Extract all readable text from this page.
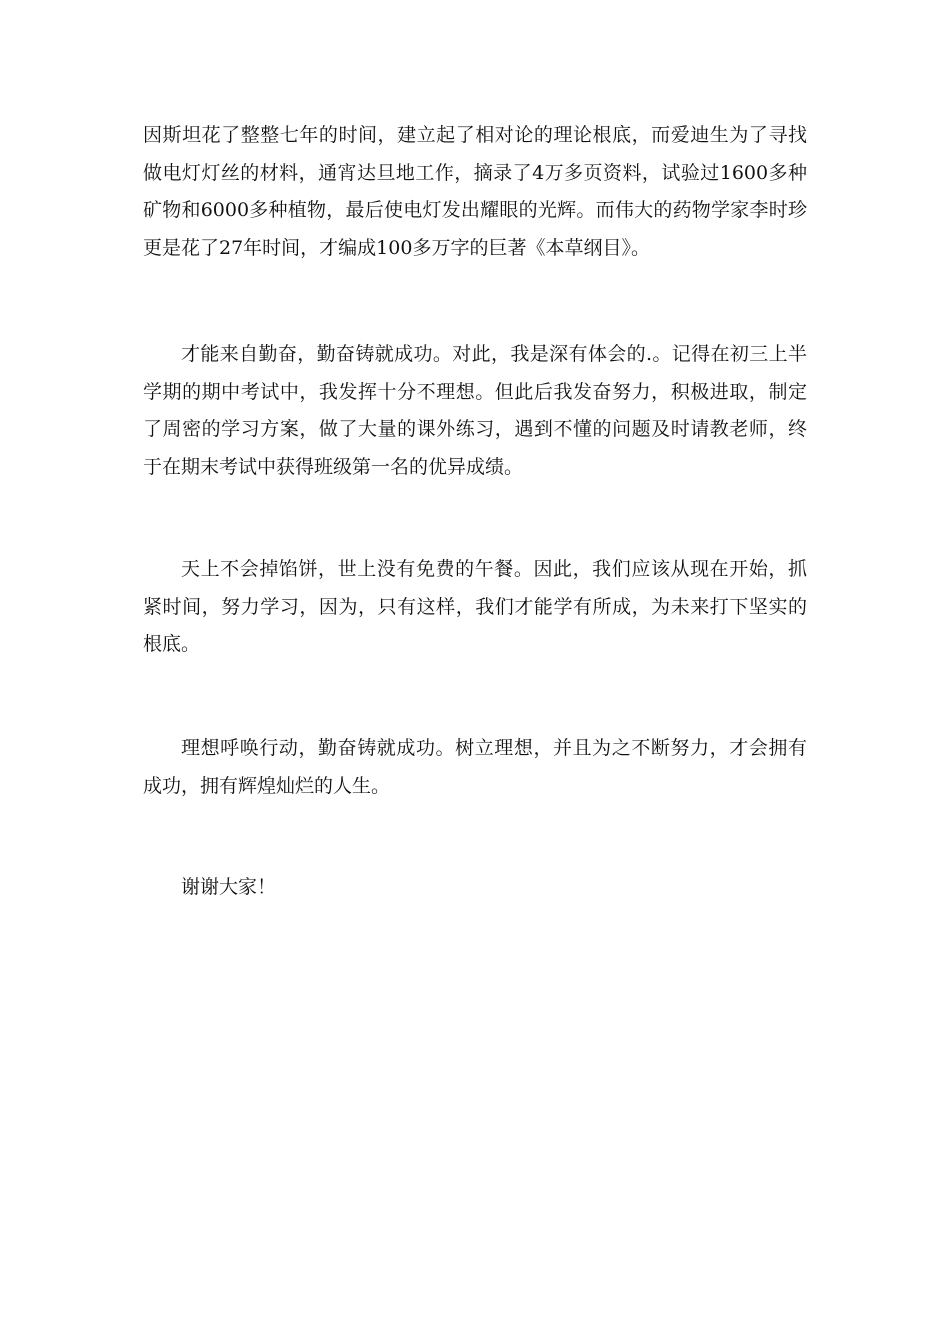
因斯坦花了整整七年的时间，建立起了相对论的理论根底，而爱迪生为了寻找做电灯灯丝的材料，通宵达旦地工作，摘录了4万多页资料，试验过1600多种矿物和6000多种植物，最后使电灯发出耀眼的光辉。而伟大的药物学家李时珍更是花了27年时间，才编成100多万字的巨著《本草纲目》。

才能来自勤奋，勤奋铸就成功。对此，我是深有体会的.。记得在初三上半学期的期中考试中，我发挥十分不理想。但此后我发奋努力，积极进取，制定了周密的学习方案，做了大量的课外练习，遇到不懂的问题及时请教老师，终于在期末考试中获得班级第一名的优异成绩。

天上不会掉馅饼，世上没有免费的午餐。因此，我们应该从现在开始，抓紧时间，努力学习，因为，只有这样，我们才能学有所成，为未来打下坚实的根底。

理想呼唤行动，勤奋铸就成功。树立理想，并且为之不断努力，才会拥有成功，拥有辉煌灿烂的人生。

谢谢大家！
